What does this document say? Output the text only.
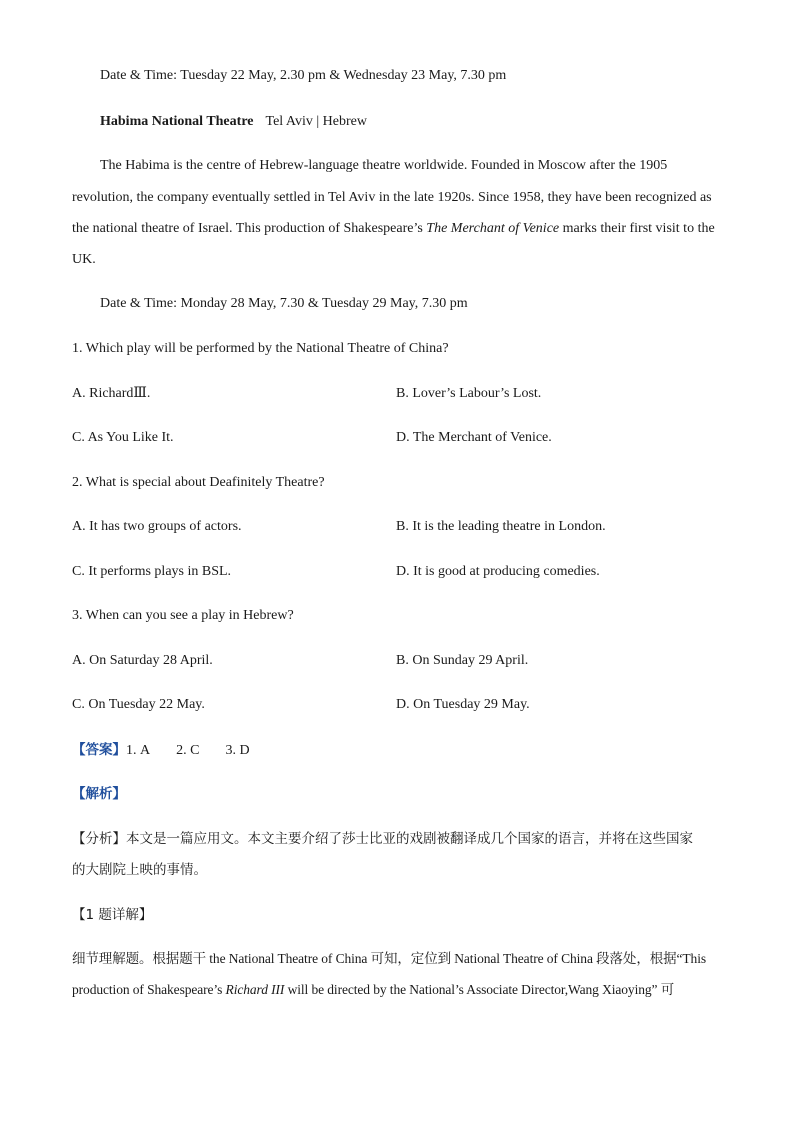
Date & Time: Tuesday 22 May, 2.30 pm & Wednesday 23 May, 7.30 pm
Habima National Theatre Tel Aviv | Hebrew
The Habima is the centre of Hebrew-language theatre worldwide. Founded in Moscow after the 1905
revolution, the company eventually settled in Tel Aviv in the late 1920s. Since 1958, they have been recognized as
the national theatre of Israel. This production of Shakespeare’s The Merchant of Venice marks their first visit to the
UK.
Date & Time: Monday 28 May, 7.30 & Tuesday 29 May, 7.30 pm
1. Which play will be performed by the National Theatre of China?
A. RichardⅢ.	B. Lover’s Labour’s Lost.
C. As You Like It.	D. The Merchant of Venice.
2. What is special about Deafinitely Theatre?
A. It has two groups of actors.	B. It is the leading theatre in London.
C. It performs plays in BSL.	D. It is good at producing comedies.
3. When can you see a play in Hebrew?
A. On Saturday 28 April.	B. On Sunday 29 April.
C. On Tuesday 22 May.	D. On Tuesday 29 May.
【答案】1. A 2. C 3. D
【解析】
【分析】本文是一篇应用文。本文主要介绍了莎士比亚的戏剧被翻译成几个国家的语言，并将在这些国家
的大剧院上映的事情。
【1 题详解】
细节理解题。根据题干 the National Theatre of China 可知，定位到 National Theatre of China 段落处，根据“This
production of Shakespeare’s Richard III will be directed by the National’s Associate Director,Wang Xiaoying” 可
